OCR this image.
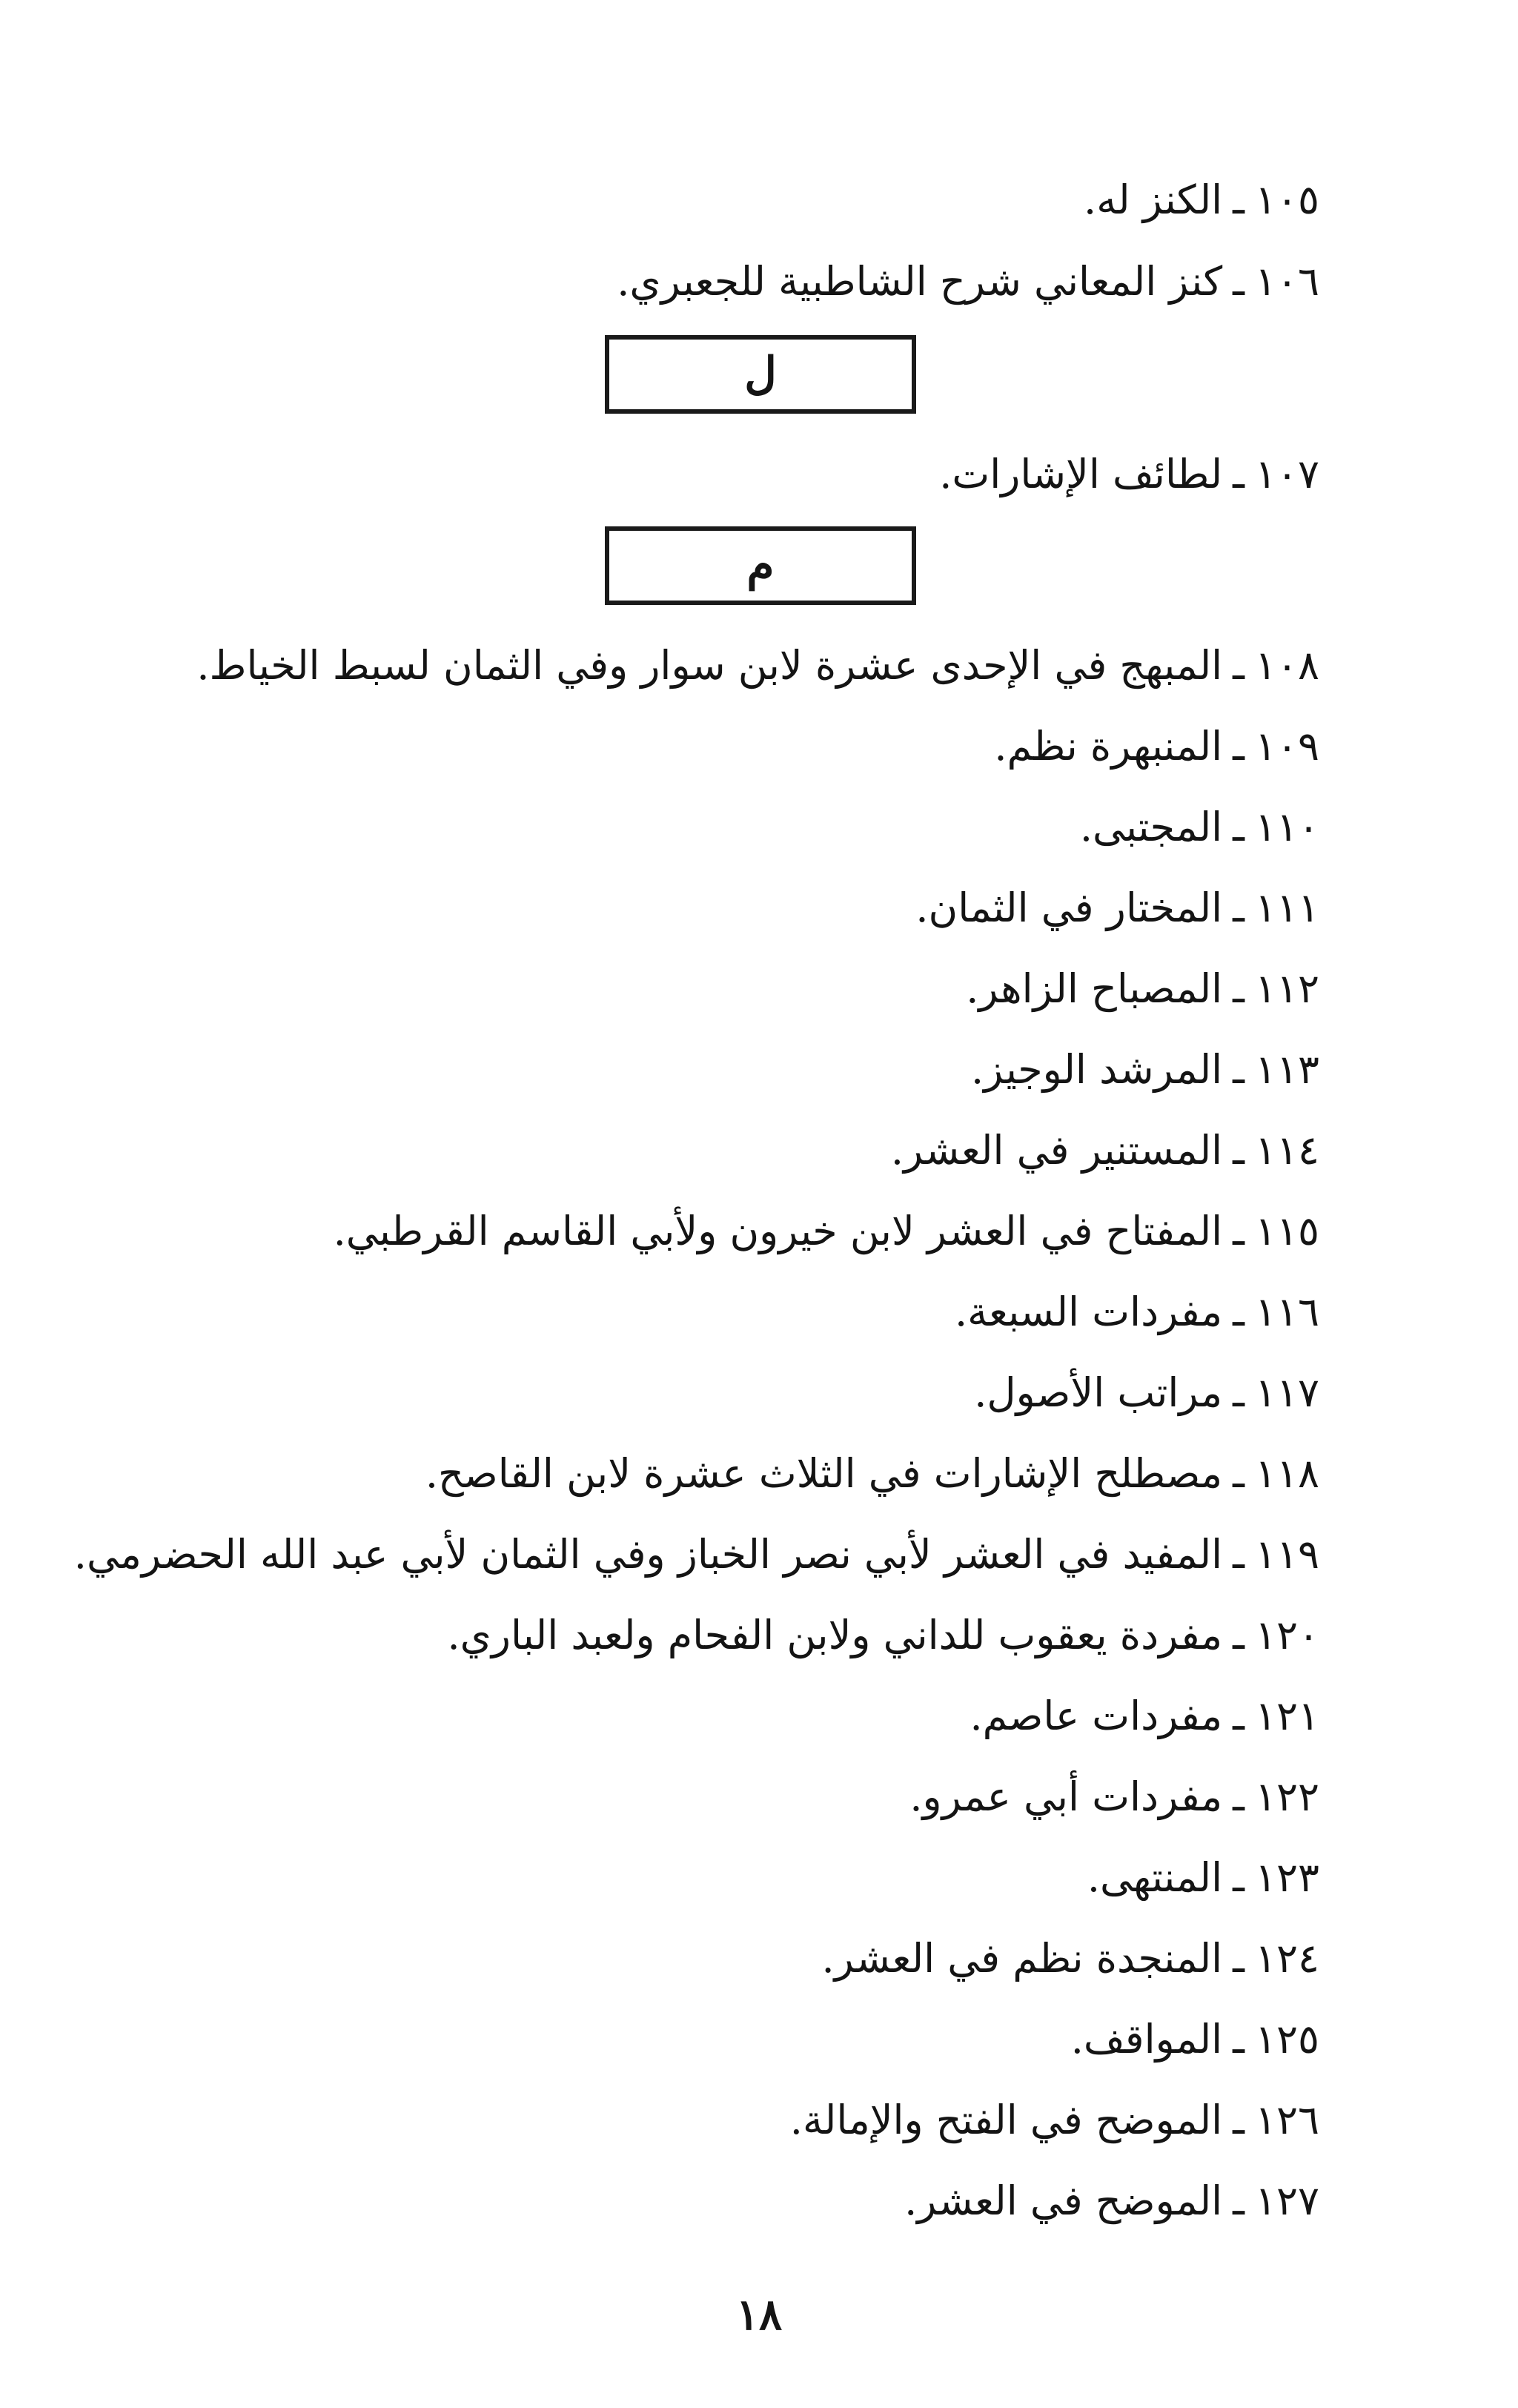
١٠٥ـالكنز له.
١٠٦ـكنز المعاني شرح الشاطبية للجعبري.
ل
١٠٧ـلطائف الإشارات.
م
١٠٨ـالمبهج في الإحدى عشرة لابن سوار وفي الثمان لسبط الخياط.
١٠٩ـالمنبهرة نظم.
١١٠ـالمجتبى.
١١١ـالمختار في الثمان.
١١٢ـالمصباح الزاهر.
١١٣ـالمرشد الوجيز.
١١٤ـالمستنير في العشر.
١١٥ـالمفتاح في العشر لابن خيرون ولأبي القاسم القرطبي.
١١٦ـمفردات السبعة.
١١٧ـمراتب الأصول.
١١٨ـمصطلح الإشارات في الثلاث عشرة لابن القاصح.
١١٩ـالمفيد في العشر لأبي نصر الخباز وفي الثمان لأبي عبد الله الحضرمي.
١٢٠ـمفردة يعقوب للداني ولابن الفحام ولعبد الباري.
١٢١ـمفردات عاصم.
١٢٢ـمفردات أبي عمرو.
١٢٣ـالمنتهى.
١٢٤ـالمنجدة نظم في العشر.
١٢٥ـالمواقف.
١٢٦ـالموضح في الفتح والإمالة.
١٢٧ـالموضح في العشر.
١٨
